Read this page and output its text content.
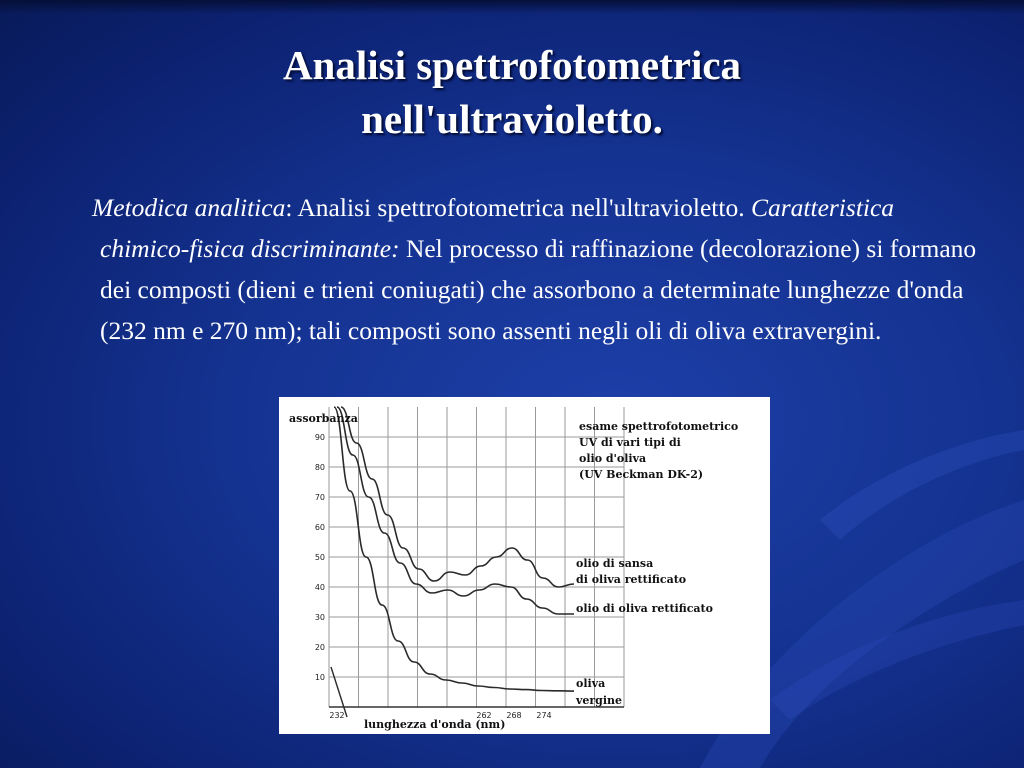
Analisi spettrofotometrica
nell'ultravioletto.

Metodica analitica: Analisi spettrofotometrica nell'ultravioletto. Caratteristica chimico-fisica discriminante: Nel processo di raffinazione (decolorazione) si formano dei composti (dieni e trieni coniugati) che assorbono a determinate lunghezze d'onda (232 nm e 270 nm); tali composti sono assenti negli oli di oliva extravergini.

90
80
70
60
50
40
30
20
10
232	262 268 274
assorbanza
lunghezza d'onda (nm)
esame spettrofotometrico
UV di vari tipi di
olio d'oliva
(UV Beckman DK-2)
olio di sansa
di oliva rettificato
olio di oliva rettificato
oliva
vergine
